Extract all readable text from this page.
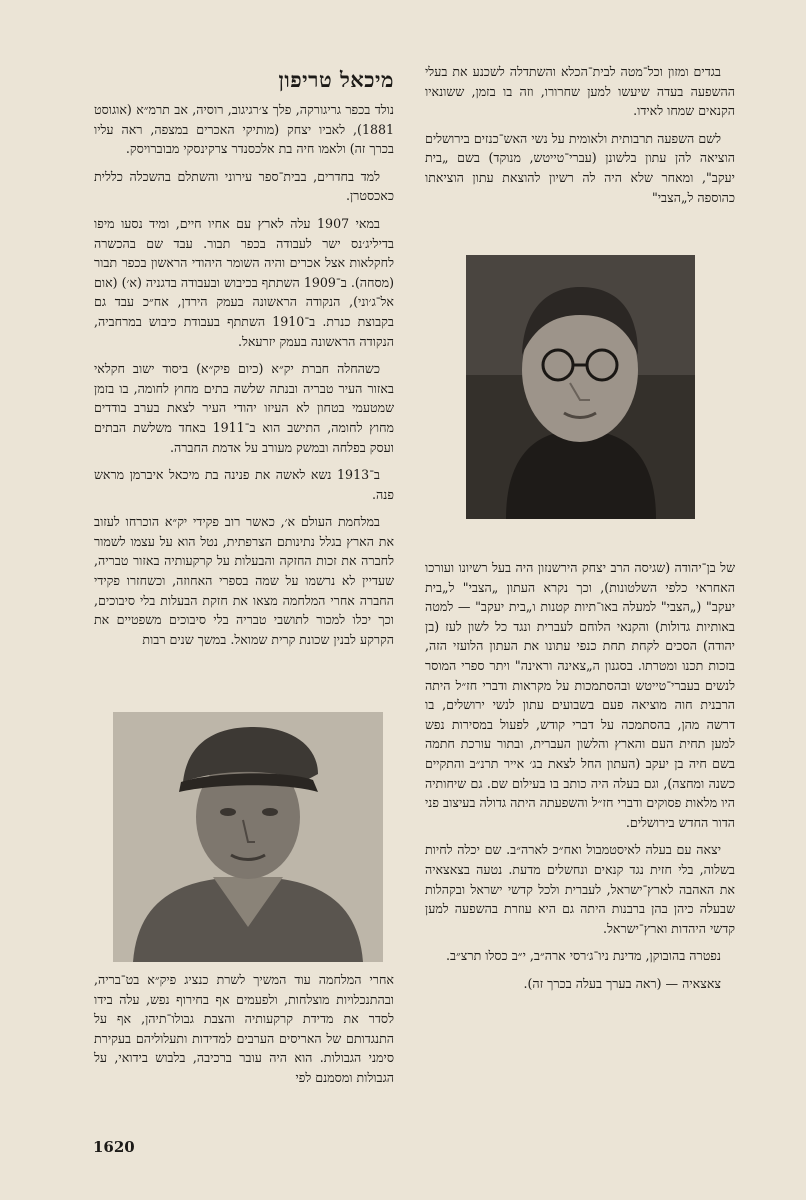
בגדים ומזון וכל־מטה לבית־הכלא והשתדלה לשכנע את בעלי ההשפעה בעדה שיעשו למען שחרורו, וזה בו בזמן, ששונאיו הקנאים שמחו לאידו.

לשם השפעה תרבותית ולאומית על נשי האש־כנזים בירושלים הוציאה להן עתון בלשונן (עברי־טייטש, מנוקד) בשם „בית יעקב", ומאחר שלא היה לה רשיון להוצאת עתון הוציאתו כהוספה ל„הצבי"

של בן־יהודה (שגיסה הרב יצחק הירשנזון היה בעל רשיונו ועורכו האחראי כלפי השלטונות), וכך נקרא העתון „הצבי" ל„בית יעקב" („הצבי" למעלה באו־תיות קטנות ו„בית יעקב" — למטה באותיות גדולות) והקנאי הלוחם לעברית ונגד כל לשון לעז (בן יהודה) הסכים לקחת תחת כנפי עתונו את העתון הלועזי הזה, בזכות תכנו ומטרתו. בסגנון ה„צאינה וראינה" ויתר ספרי המוסר לנשים בעברי־טייטש ובהסתמכות על מקראות ודברי חז״ל היתה הרבנית חוה מוציאה פעם בשבועים עתון לנשי ירושלים, בו דרשה מהן, בהסתמכה על דברי קודש, לפעול במסירות נפש למען תחית העם והארץ והלשון העברית, ובתור עורכת חתמה בשם חיה בן יעקב (העתון החל לצאת בג׳ אייר תרנ״ב והתקיים כשנה ומחצה), וגם בעלה היה כותב בו בעילום שם. גם שיחותיה היו מלאות פסוקים ודברי חז״ל והשפעתה היתה גדולה בעיצוב פני הדור החדש בירושלים.

יצאה עם בעלה לאיסטמבול ואח״כ לארה״ב. שם יכלה לחיות בשלוה, בלי חזית נגד קנאים ונחשלים מדעת. נטעה בצאצאיה את האהבה לארץ־ישראל, לעברית ולכל קדשי ישראל ובקהלות שבעלה כיהן בהן ברבנות היתה גם היא עוזרת בהשפעה למען קדשי היהדות וארץ־ישראל.

נפטרה בהובוקן, מדינת ניו־ג׳רסי ארה״ב, י״ב כסלו תרצ״ב.

צאצאיה — (ראה בערך בעלה בכרך זה).

מיכאל טריפון

נולד בכפר גריגורקה, פלך צ׳רגיגוב, רוסיה, אב תרמ״א (אוגוסט 1881), לאביו יצחק (מותיקי האכרים במצפה, ראה עליו בכרך זה) ולאמו חיה בת אלכסנדר צרקינסקי מבוברויסק.

למד בחדרים, בבית־ספר עירוני והשתלם בהשכלה כללית כאכסטרן.

במאי 1907 עלה לארץ עם אחיו חיים, ומיד נסעו מיפו בדיליג׳נס ישר לעבודה בכפר תבור. עבד שם בהכשרה לחקלאות אצל אכרים והיה השומר היהודי הראשון בכפר תבור (מסחה). ב־1909 השתתף בכיבוש ובעבודה בדגניה (א׳) (אום אל־ג׳וני), הנקודה הראשונה בעמק הירדן, אח״כ עבד גם בקבוצת כנרת. ב־1910 השתתף בעבודת כיבוש במרחביה, הנקודה הראשונה בעמק יזרעאל.

כשהחלה חברת יק״א (כיום פיק״א) ביסוד ישוב חקלאי באזור העיר טבריה ובנתה שלשה בתים מחוץ לחומה, בו בזמן שמטעמי בטחון לא העיזו יהודי העיר לצאת בערב בודדים מחוץ לחומה, התישב הוא ב־1911 באחד משלשת הבתים ועסק בפלחה ובמשק מעורב על אדמת החברה.

ב־1913 נשא לאשה את פנינה בת מיכאל איברמן מראש פנה.

במלחמת העולם א׳, כאשר רוב פקידי יק״א הוכרחו לעזוב את הארץ בגלל נתינותם הצרפתית, נטל הוא על עצמו לשמור לחברה את זכות החזקה והבעלות על קרקעותיה באזור טבריה, שעדיין לא נרשמו על שמה בספרי האחוזה, וכשחזרו פקידי החברה אחרי המלחמה מצאו את חזקת הבעלות בלי סיבוכים, וכך יכלו למכור לתושבי טבריה בלי סיבוכים משפטיים את הקרקע לבנין שכונת קרית שמואל. במשך שנים רבות

אחרי המלחמה עוד המשיך לשרת כנציג פיק״א בט־בריה, ובהתנכלויות מוצלחות, ולפעמים אף בחירוף נפש, עלה בידו לסדר את מדידת קרקעותיה והצבת גבולו־תיהן, אף על התנגדותם של האריסים הערבים למדידות ותעלוליהם בעקירת סימני הגבולות. הוא היה עובר ברכיבה, בלבוש בידואי, על הגבולות ומסמנם לפי

1620
